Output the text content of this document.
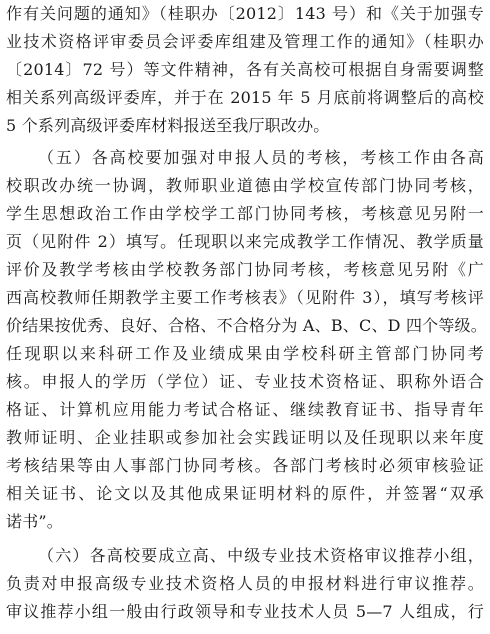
作有关问题的通知》（桂职办〔2012〕143 号）和《关于加强专
业技术资格评审委员会评委库组建及管理工作的通知》（桂职办
〔2014〕72 号）等文件精神，各有关高校可根据自身需要调整
相关系列高级评委库，并于在 2015 年 5 月底前将调整后的高校
5 个系列高级评委库材料报送至我厅职改办。
（五）各高校要加强对申报人员的考核，考核工作由各高
校职改办统一协调，教师职业道德由学校宣传部门协同考核，
学生思想政治工作由学校学工部门协同考核，考核意见另附一
页（见附件 2）填写。任现职以来完成教学工作情况、教学质量
评价及教学考核由学校教务部门协同考核，考核意见另附《广
西高校教师任期教学主要工作考核表》（见附件 3），填写考核评
价结果按优秀、良好、合格、不合格分为 A、B、C、D 四个等级。
任现职以来科研工作及业绩成果由学校科研主管部门协同考
核。申报人的学历（学位）证、专业技术资格证、职称外语合
格证、计算机应用能力考试合格证、继续教育证书、指导青年
教师证明、企业挂职或参加社会实践证明以及任现职以来年度
考核结果等由人事部门协同考核。各部门考核时必须审核验证
相关证书、论文以及其他成果证明材料的原件，并签署“双承
诺书”。
（六）各高校要成立高、中级专业技术资格审议推荐小组，
负责对申报高级专业技术资格人员的申报材料进行审议推荐。
审议推荐小组一般由行政领导和专业技术人员 5—7 人组成，行
